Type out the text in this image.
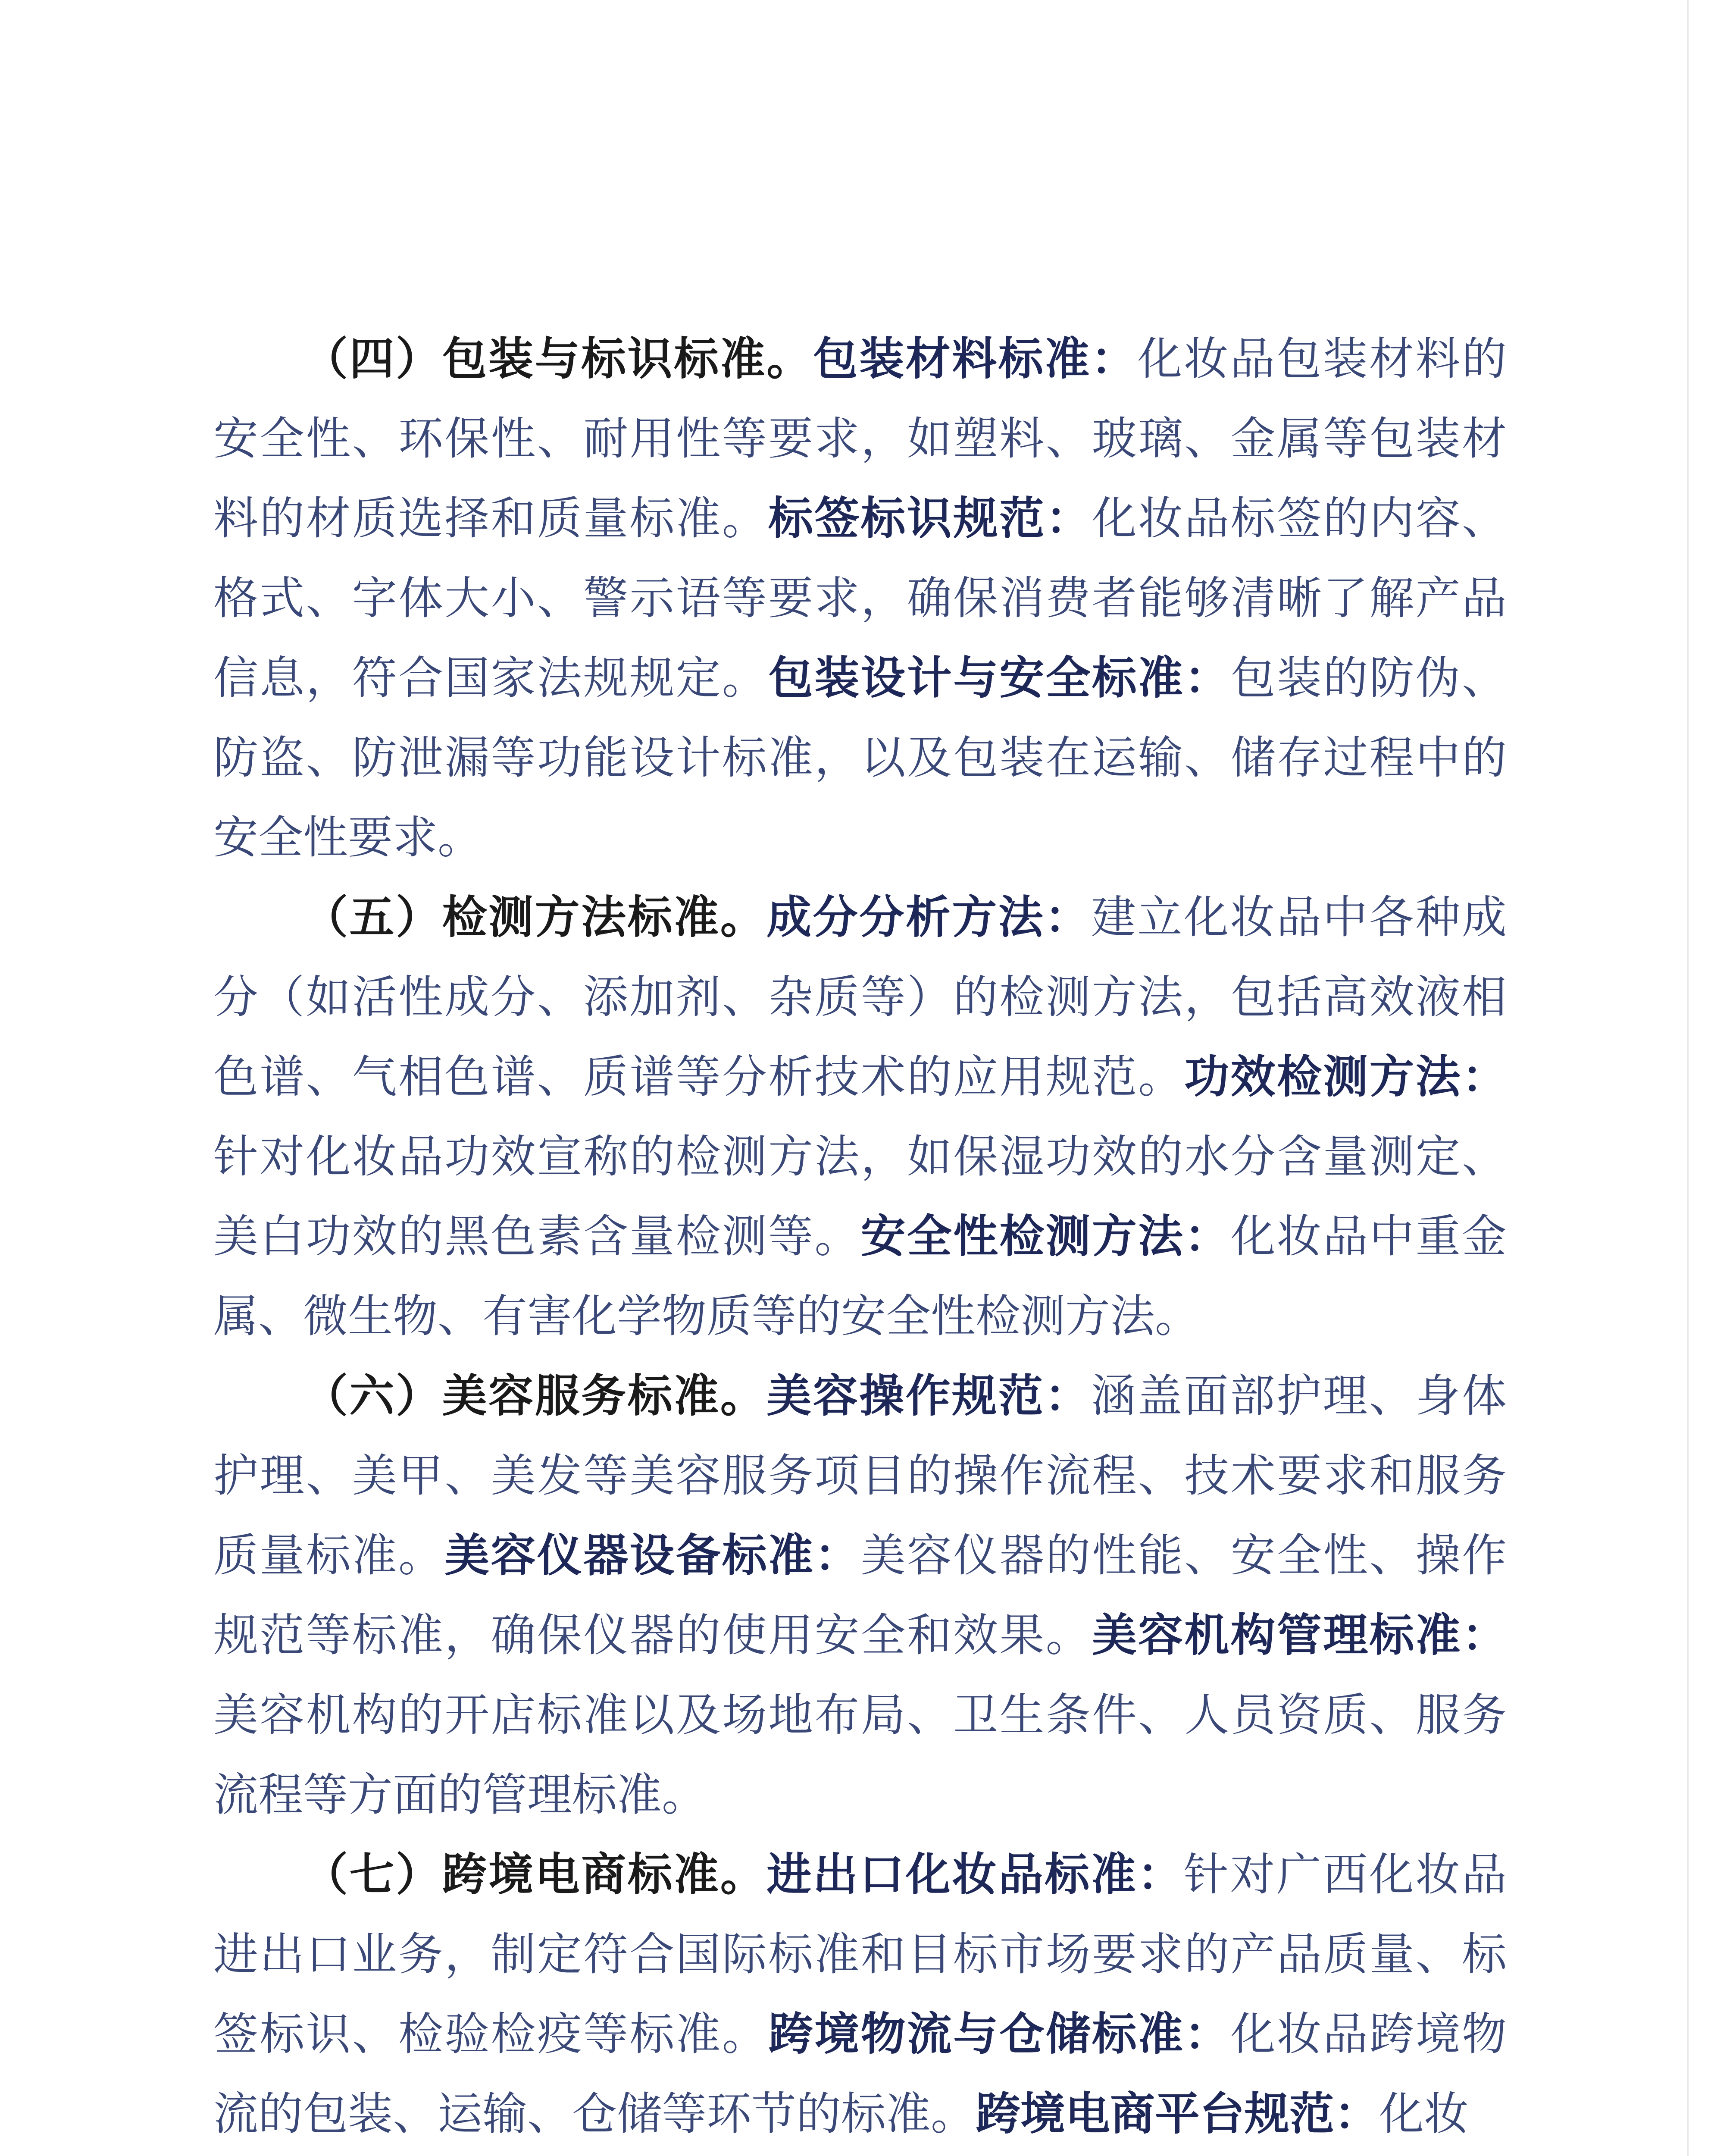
（四）包装与标识标准。包装材料标准：化妆品包装材料的安全性、环保性、耐用性等要求，如塑料、玻璃、金属等包装材料的材质选择和质量标准。标签标识规范：化妆品标签的内容、格式、字体大小、警示语等要求，确保消费者能够清晰了解产品信息，符合国家法规规定。包装设计与安全标准：包装的防伪、防盗、防泄漏等功能设计标准，以及包装在运输、储存过程中的安全性要求。

（五）检测方法标准。成分分析方法：建立化妆品中各种成分（如活性成分、添加剂、杂质等）的检测方法，包括高效液相色谱、气相色谱、质谱等分析技术的应用规范。功效检测方法：针对化妆品功效宣称的检测方法，如保湿功效的水分含量测定、美白功效的黑色素含量检测等。安全性检测方法：化妆品中重金属、微生物、有害化学物质等的安全性检测方法。

（六）美容服务标准。美容操作规范：涵盖面部护理、身体护理、美甲、美发等美容服务项目的操作流程、技术要求和服务质量标准。美容仪器设备标准：美容仪器的性能、安全性、操作规范等标准，确保仪器的使用安全和效果。美容机构管理标准：美容机构的开店标准以及场地布局、卫生条件、人员资质、服务流程等方面的管理标准。

（七）跨境电商标准。进出口化妆品标准：针对广西化妆品进出口业务，制定符合国际标准和目标市场要求的产品质量、标签标识、检验检疫等标准。跨境物流与仓储标准：化妆品跨境物流的包装、运输、仓储等环节的标准。跨境电商平台规范：化妆
